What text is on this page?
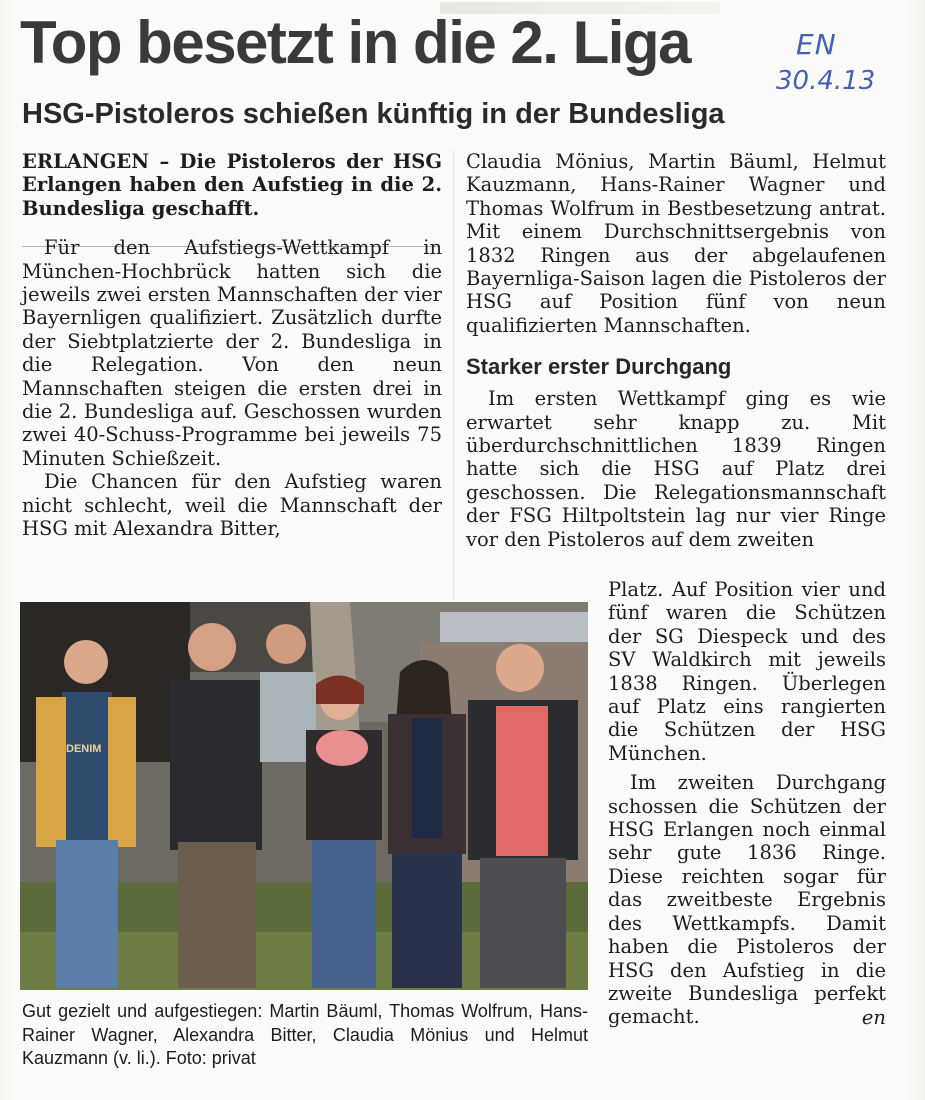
Top besetzt in die 2. Liga	EN
30.4.13
HSG-Pistoleros schießen künftig in der Bundesliga

ERLANGEN – Die Pistoleros der HSG Erlangen haben den Aufstieg in die 2. Bundesliga geschafft.

Für den Aufstiegs-Wettkampf in München-Hochbrück hatten sich die jeweils zwei ersten Mannschaften der vier Bayernligen qualifiziert. Zusätzlich durfte der Siebtplatzierte der 2. Bundesliga in die Relegation. Von den neun Mannschaften steigen die ersten drei in die 2. Bundesliga auf. Geschossen wurden zwei 40-Schuss-Programme bei jeweils 75 Minuten Schießzeit.

Die Chancen für den Aufstieg waren nicht schlecht, weil die Mannschaft der HSG mit Alexandra Bitter,

Claudia Mönius, Martin Bäuml, Helmut Kauzmann, Hans-Rainer Wagner und Thomas Wolfrum in Bestbesetzung antrat. Mit einem Durchschnittsergebnis von 1832 Ringen aus der abgelaufenen Bayernliga-Saison lagen die Pistoleros der HSG auf Position fünf von neun qualifizierten Mannschaften.

Starker erster Durchgang

Im ersten Wettkampf ging es wie erwartet sehr knapp zu. Mit überdurchschnittlichen 1839 Ringen hatte sich die HSG auf Platz drei geschossen. Die Relegationsmannschaft der FSG Hiltpoltstein lag nur vier Ringe vor den Pistoleros auf dem zweiten

DENIM

Gut gezielt und aufgestiegen: Martin Bäuml, Thomas Wolfrum, Hans-Rainer Wagner, Alexandra Bitter, Claudia Mönius und Helmut Kauzmann (v. li.). Foto: privat

Platz. Auf Position vier und fünf waren die Schützen der SG Diespeck und des SV Waldkirch mit jeweils 1838 Ringen. Überlegen auf Platz eins rangierten die Schützen der HSG München.

Im zweiten Durchgang schossen die Schützen der HSG Erlangen noch einmal sehr gute 1836 Ringe. Diese reichten sogar für das zweitbeste Ergebnis des Wettkampfs. Damit haben die Pistoleros der HSG den Aufstieg in die zweite Bundesliga perfekt gemacht.	en
